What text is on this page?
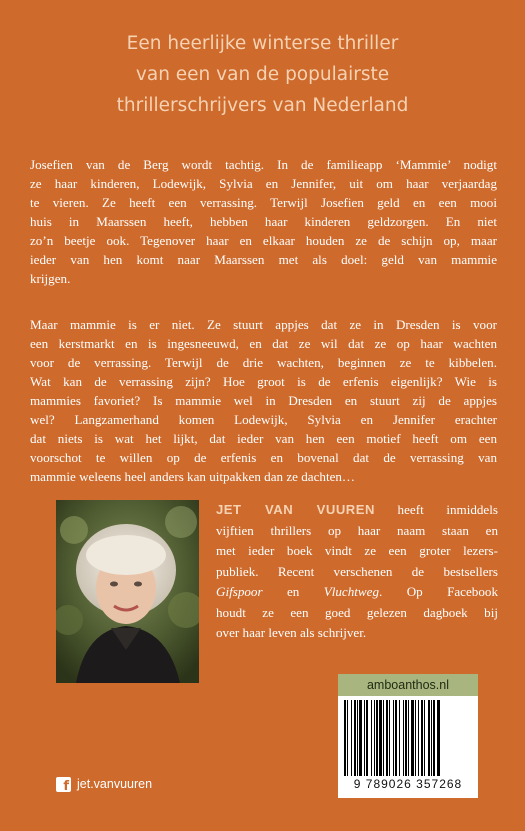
Een heerlijke winterse thriller
van een van de populairste
thrillerschrijvers van Nederland
Josefien van de Berg wordt tachtig. In de familieapp ‘Mammie’ nodigt
ze haar kinderen, Lodewijk, Sylvia en Jennifer, uit om haar verjaardag
te vieren. Ze heeft een verrassing. Terwijl Josefien geld en een mooi
huis in Maarssen heeft, hebben haar kinderen geldzorgen. En niet
zo’n beetje ook. Tegenover haar en elkaar houden ze de schijn op, maar
ieder van hen komt naar Maarssen met als doel: geld van mammie
krijgen.
Maar mammie is er niet. Ze stuurt appjes dat ze in Dresden is voor
een kerstmarkt en is ingesneeuwd, en dat ze wil dat ze op haar wachten
voor de verrassing. Terwijl de drie wachten, beginnen ze te kibbelen.
Wat kan de verrassing zijn? Hoe groot is de erfenis eigenlijk? Wie is
mammies favoriet? Is mammie wel in Dresden en stuurt zij de appjes
wel? Langzamerhand komen Lodewijk, Sylvia en Jennifer erachter
dat niets is wat het lijkt, dat ieder van hen een motief heeft om een
voorschot te willen op de erfenis en bovenal dat de verrassing van
mammie weleens heel anders kan uitpakken dan ze dachten…
JET VAN VUUREN heeft inmiddels
vijftien thrillers op haar naam staan en
met ieder boek vindt ze een groter lezers-
publiek. Recent verschenen de bestsellers
Gifspoor en Vluchtweg. Op Facebook
houdt ze een goed gelezen dagboek bij
over haar leven als schrijver.
amboanthos.nl
9 789026 357268
f
jet.vanvuuren
